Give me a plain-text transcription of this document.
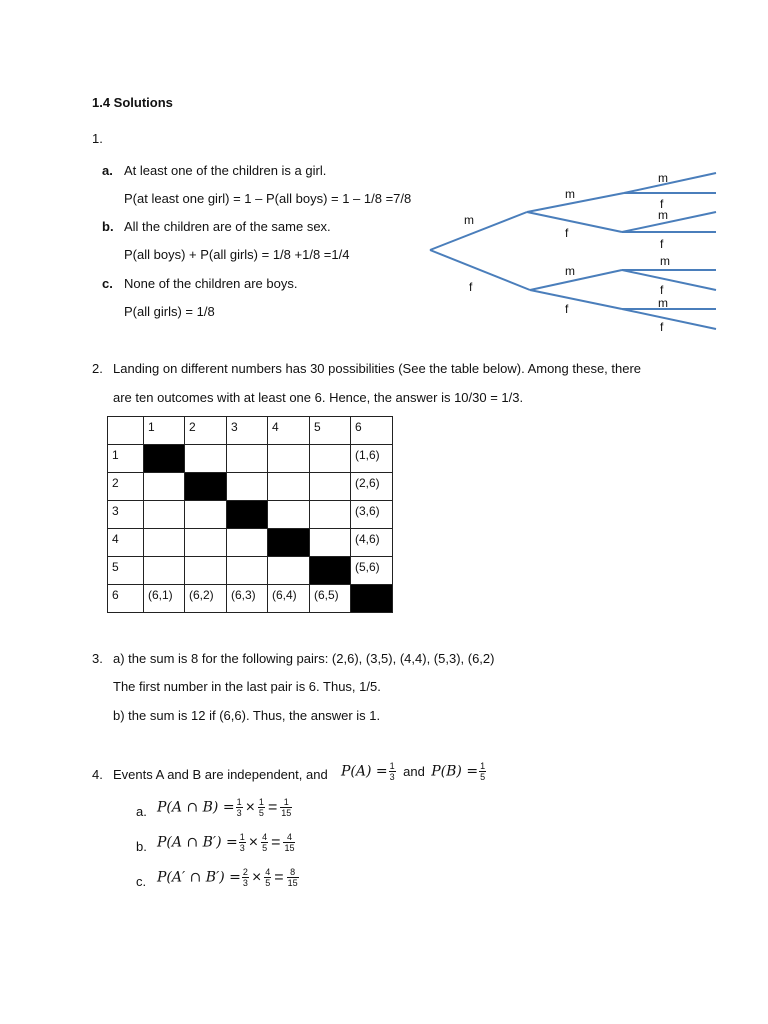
1.4 Solutions
1.
a. At least one of the children is a girl.
P(at least one girl) = 1 – P(all boys) = 1 – 1/8 =7/8
b. All the children are of the same sex.
P(all boys) + P(all girls) = 1/8 +1/8 =1/4
c. None of the children are boys.
P(all girls) = 1/8
m
f
m
f
m
f
m
f
m
f
m
f
m
f
2. Landing on different numbers has 30 possibilities (See the table below). Among these, there
are ten outcomes with at least one 6. Hence, the answer is 10/30 = 1/3.
	1	2	3	4	5	6
1						(1,6)
2						(2,6)
3						(3,6)
4						(4,6)
5						(5,6)
6	(6,1)	(6,2)	(6,3)	(6,4)	(6,5)	
3. a) the sum is 8 for the following pairs: (2,6), (3,5), (4,4), (5,3), (6,2)
The first number in the last pair is 6. Thus, 1/5.
b) the sum is 12 if (6,6). Thus, the answer is 1.
4. Events A and B are independent, and $P(A) = \frac{1}{3}$ and $P(B) = \frac{1}{5}$
a. P(A ∩ $B) = \frac{1}{3} \times \frac{1}{5} = \frac{1}{15}$
b. P(A ∩ $B') = \frac{1}{3} \times \frac{4}{5} = \frac{4}{15}$
c. P(A′ ∩ $B') = \frac{2}{3} \times \frac{4}{5} = \frac{8}{15}$
